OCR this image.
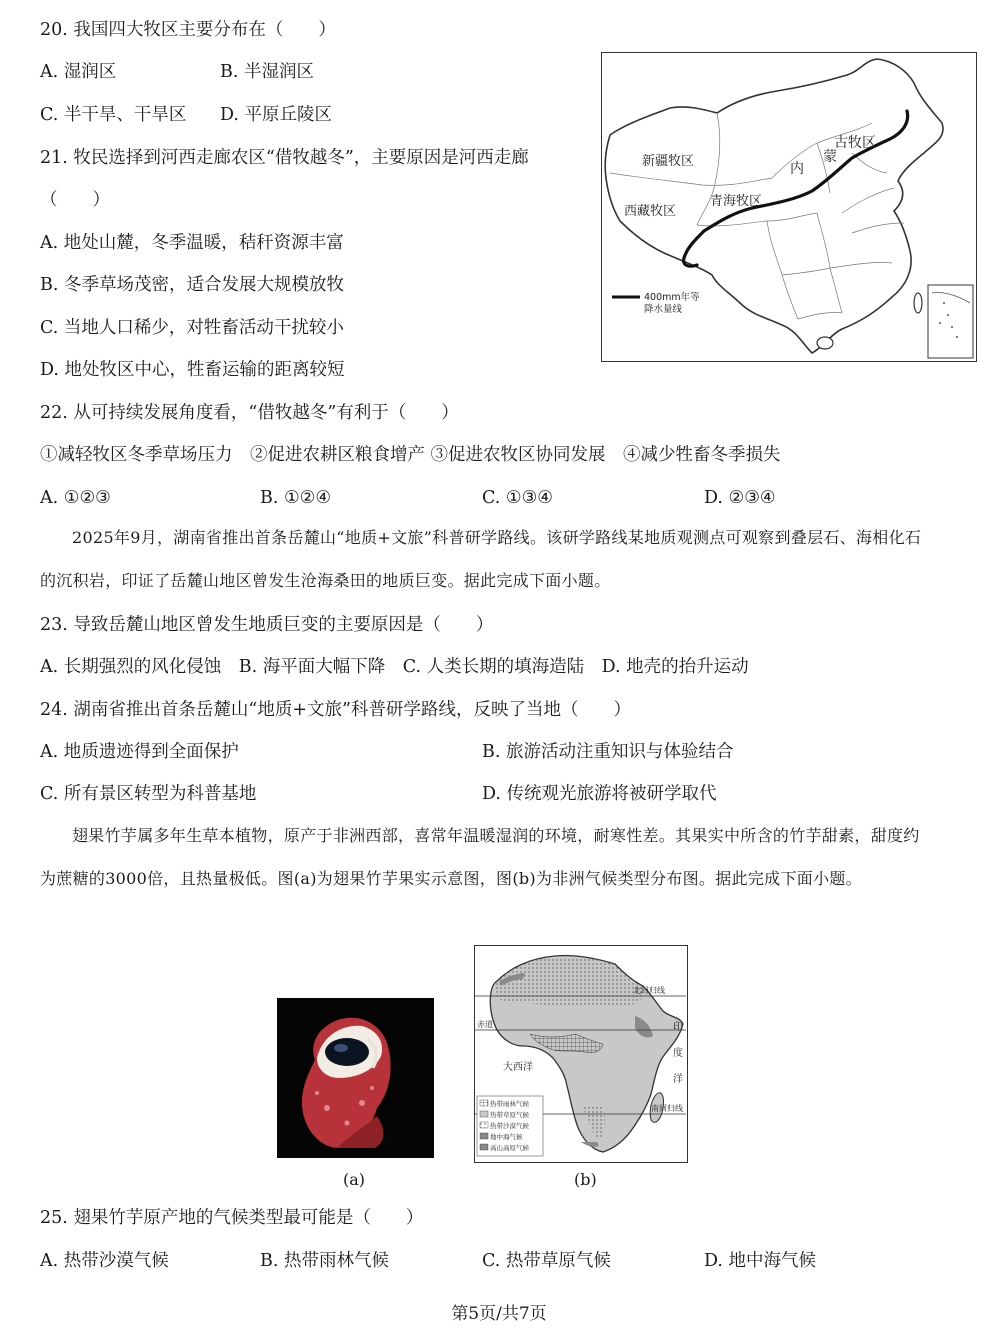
20. 我国四大牧区主要分布在（　　）
A. 湿润区	B. 半湿润区
C. 半干旱、干旱区 D. 平原丘陵区
21. 牧民选择到河西走廊农区“借牧越冬”，主要原因是河西走廊
（　　）
A. 地处山麓，冬季温暖，秸秆资源丰富
B. 冬季草场茂密，适合发展大规模放牧
C. 当地人口稀少，对牲畜活动干扰较小
D. 地处牧区中心，牲畜运输的距离较短
新疆牧区
西藏牧区
青海牧区
内
蒙
古牧区
400mm年等
降水量线
22. 从可持续发展角度看，“借牧越冬”有利于（　　）
①减轻牧区冬季草场压力　②促进农耕区粮食增产 ③促进农牧区协同发展　④减少牲畜冬季损失
A. ①②③	B. ①②④	C. ①③④	D. ②③④
2025年9月，湖南省推出首条岳麓山“地质+文旅”科普研学路线。该研学路线某地质观测点可观察到叠层石、海相化石的沉积岩，印证了岳麓山地区曾发生沧海桑田的地质巨变。据此完成下面小题。
23. 导致岳麓山地区曾发生地质巨变的主要原因是（　　）
A. 长期强烈的风化侵蚀　B. 海平面大幅下降　C. 人类长期的填海造陆　D. 地壳的抬升运动
24. 湖南省推出首条岳麓山“地质+文旅”科普研学路线，反映了当地（　　）
A. 地质遗迹得到全面保护	B. 旅游活动注重知识与体验结合
C. 所有景区转型为科普基地	D. 传统观光旅游将被研学取代
翅果竹芋属多年生草本植物，原产于非洲西部，喜常年温暖湿润的环境，耐寒性差。其果实中所含的竹芋甜素，甜度约为蔗糖的3000倍，且热量极低。图(a)为翅果竹芋果实示意图，图(b)为非洲气候类型分布图。据此完成下面小题。
北回归线
赤道
大西洋
印
度
洋
南回归线
热带雨林气候
热带草原气候
热带沙漠气候
地中海气候
高山高原气候
(a)	(b)
25. 翅果竹芋原产地的气候类型最可能是（　　）
A. 热带沙漠气候	B. 热带雨林气候	C. 热带草原气候	D. 地中海气候
第5页/共7页
